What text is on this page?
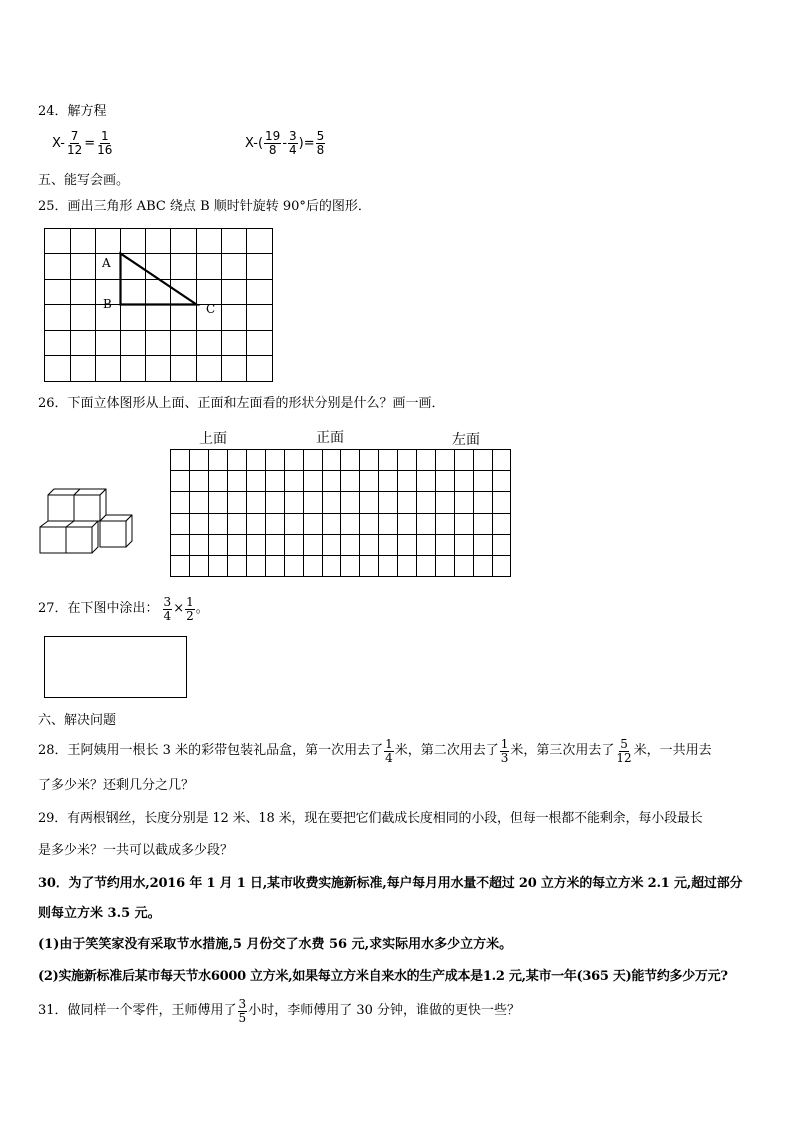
24．解方程
$X- \frac{7}{12} = \frac{1}{16}$	$X-( \frac{19}{8} - \frac{3}{4}$ )= $\frac{5}{8}$
五、能写会画。
25．画出三角形 ABC 绕点 B 顺时针旋转 90°后的图形．
A
B	C
26．下面立体图形从上面、正面和左面看的形状分别是什么？画一画．
上面	正面	左面
27．在下图中涂出： $\frac{3}{4} \times \frac{1}{2}$ 。
六、解决问题
28．王阿姨用一根长 3 米的彩带包装礼品盒，第一次用去了 $\frac{1}{4}$ 米，第二次用去了 $\frac{1}{3}$ 米，第三次用去了 $\frac{5}{12}$ 米，一共用去
了多少米？还剩几分之几？
29．有两根钢丝，长度分别是 12 米、18 米，现在要把它们截成长度相同的小段，但每一根都不能剩余，每小段最长
是多少米？一共可以截成多少段？
30．为了节约用水,2016 年 1 月 1 日,某市收费实施新标准,每户每月用水量不超过 20 立方米的每立方米 2.1 元,超过部分
则每立方米 3.5 元。
(1)由于笑笑家没有采取节水措施,5 月份交了水费 56 元,求实际用水多少立方米。
(2)实施新标准后某市每天节水6000 立方米,如果每立方米自来水的生产成本是1.2 元,某市一年(365 天)能节约多少万元?
31．做同样一个零件，王师傅用了 $\frac{3}{5}$ 小时，李师傅用了 30 分钟，谁做的更快一些？
